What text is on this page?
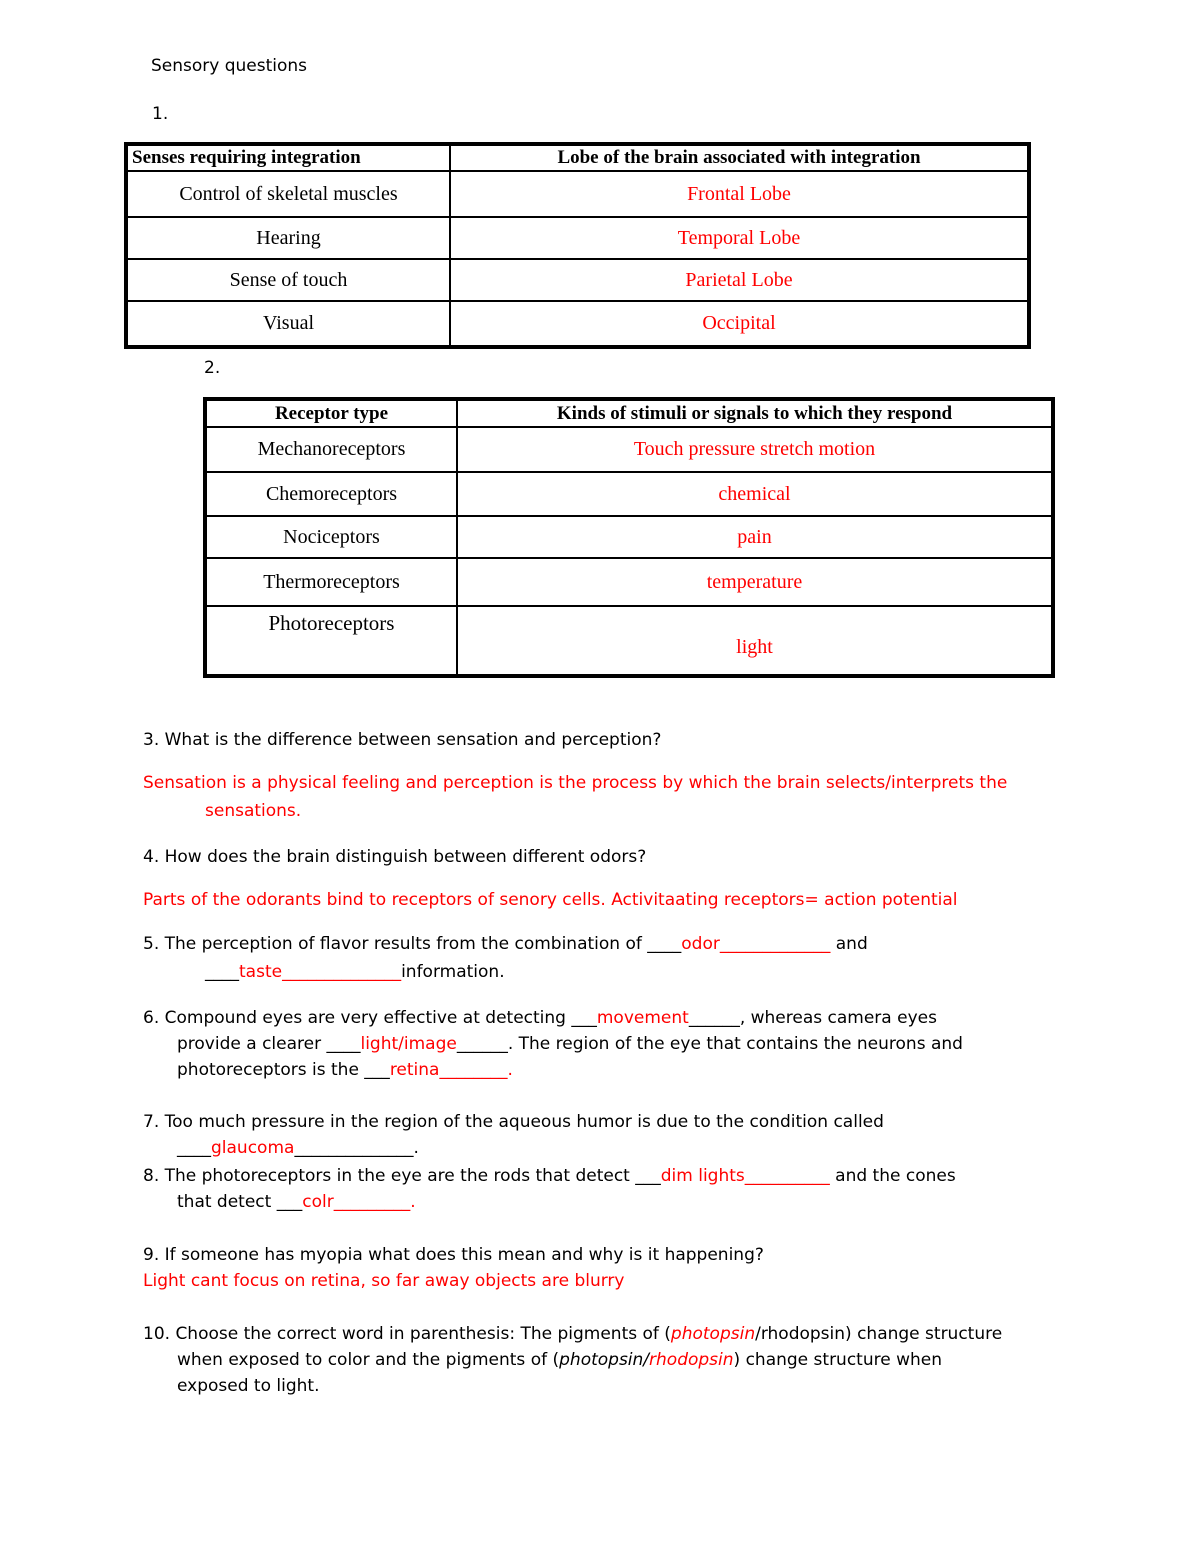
Sensory questions
1.
Senses requiring integration	Lobe of the brain associated with integration
Control of skeletal muscles	Frontal Lobe
Hearing	Temporal Lobe
Sense of touch	Parietal Lobe
Visual	Occipital
2.
Receptor type	Kinds of stimuli or signals to which they respond
Mechanoreceptors	Touch pressure stretch motion
Chemoreceptors	chemical
Nociceptors	pain
Thermoreceptors	temperature
Photoreceptors	light
3. What is the difference between sensation and perception?
Sensation is a physical feeling and perception is the process by which the brain selects/interprets the
sensations.
4. How does the brain distinguish between different odors?
Parts of the odorants bind to receptors of senory cells. Activitaating receptors= action potential
5. The perception of flavor results from the combination of ____odor_____________ and
____taste______________information.
6. Compound eyes are very effective at detecting ___movement______, whereas camera eyes
provide a clearer ____light/image______. The region of the eye that contains the neurons and
photoreceptors is the ___retina________.
7. Too much pressure in the region of the aqueous humor is due to the condition called
____glaucoma______________.
8. The photoreceptors in the eye are the rods that detect ___dim lights__________ and the cones
that detect ___colr_________.
9. If someone has myopia what does this mean and why is it happening?
Light cant focus on retina, so far away objects are blurry
10. Choose the correct word in parenthesis: The pigments of (photopsin/rhodopsin) change structure
when exposed to color and the pigments of (photopsin/rhodopsin) change structure when
exposed to light.
